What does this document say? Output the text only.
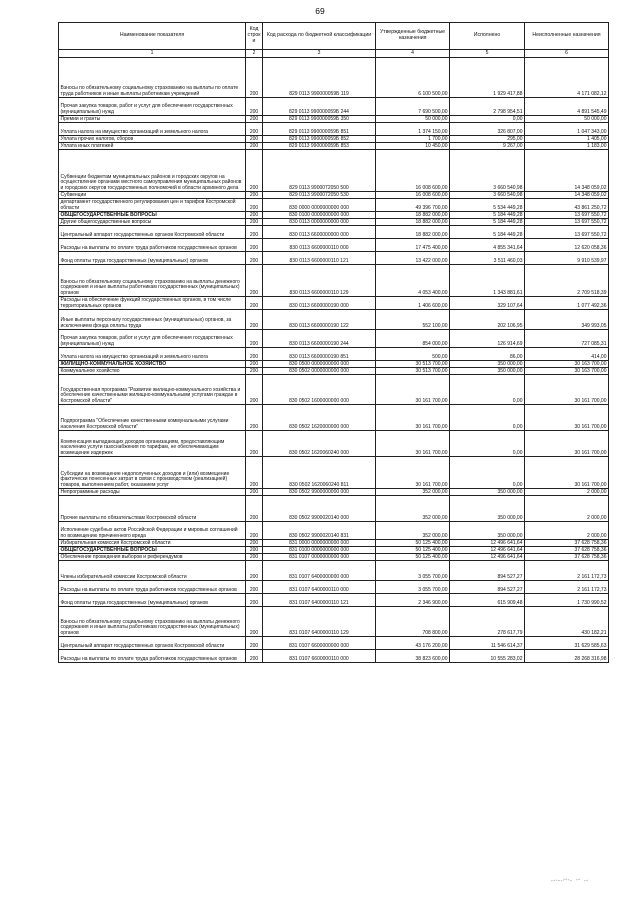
69
Наименование показателя	Код строк и	Код расхода по бюджетной классификации	Утвержденные бюджетные назначения	Исполнено	Неисполненные назначения
1	2	3	4	5	6
Взносы по обязательному социальному страхованию на выплаты по оплате труда работников и иные выплаты работникам учреждений	200	829 0113 990000059Б 119	6 100 500,00	1 929 417,88	4 171 082,12
Прочая закупка товаров, работ и услуг для обеспечения государственных (муниципальных) нужд	200	829 0113 990000059Б 244	7 690 500,00	2 798 954,51	4 891 545,49
Премии и гранты	200	829 0113 990000059Б 350	50 000,00	0,00	50 000,00
Уплата налога на имущество организаций и земельного налога	200	829 0113 990000059Б 851	1 374 150,00	326 807,00	1 047 343,00
Уплата прочих налогов, сборов	200	829 0113 990000059Б 852	1 700,00	295,00	1 405,00
Уплата иных платежей	200	829 0113 990000059Б 853	10 450,00	9 267,00	1 183,00
Субвенции бюджетам муниципальных районов и городских округов на осуществление органами местного самоуправления муниципальных районов и городских округов государственных полномочий в области архивного дела	200	829 0113 9900072050 500	16 008 600,00	3 660 540,98	14 348 059,02
Субвенции	200	829 0113 9900072050 530	16 008 600,00	3 660 540,98	14 348 059,02
департамент государственного регулирования цен и тарифов Костромской области	200	830 0000 0000000000 000	49 396 700,00	5 534 449,28	43 861 250,72
ОБЩЕГОСУДАРСТВЕННЫЕ ВОПРОСЫ	200	830 0100 0000000000 000	18 882 000,00	5 184 449,28	13 697 550,72
Другие общегосударственные вопросы	200	830 0113 0000000000 000	18 882 000,00	5 184 449,28	13 697 550,72
Центральный аппарат государственных органов Костромской области	200	830 0113 6600000000 000	18 882 000,00	5 184 449,28	13 697 550,72
Расходы на выплаты по оплате труда работников государственных органов	200	830 0113 6600000110 000	17 475 400,00	4 855 341,64	12 620 058,36
Фонд оплаты труда государственных (муниципальных) органов	200	830 0113 6600000110 121	13 422 000,00	3 511 460,03	9 910 539,97
Взносы по обязательному социальному страхованию на выплаты денежного содержания и иные выплаты работникам государственных (муниципальных) органов	200	830 0113 6600000110 129	4 053 400,00	1 343 881,61	2 709 518,39
Расходы на обеспечение функций государственных органов, в том числе территориальных органов	200	830 0113 6600000190 000	1 406 600,00	329 107,64	1 077 492,36
Иные выплаты персоналу государственных (муниципальных) органов, за исключением фонда оплаты труда	200	830 0113 6600000190 122	552 100,00	202 106,95	349 993,05
Прочая закупка товаров, работ и услуг для обеспечения государственных (муниципальных) нужд	200	830 0113 6600000190 244	854 000,00	126 914,69	727 085,31
Уплата налога на имущество организаций и земельного налога	200	830 0113 6600000190 851	500,00	86,00	414,00
ЖИЛИЩНО-КОММУНАЛЬНОЕ ХОЗЯЙСТВО	200	830 0500 0000000000 000	30 513 700,00	350 000,00	30 163 700,00
Коммунальное хозяйство	200	830 0502 0000000000 000	30 513 700,00	350 000,00	30 163 700,00
Государственная программа "Развитие жилищно-коммунального хозяйства и обеспечение качественными жилищно-коммунальными услугами граждан в Костромской области"	200	830 0502 1600000000 000	30 161 700,00	0,00	30 161 700,00
Подпрограмма "Обеспечение качественными коммунальными услугами населения Костромской области"	200	830 0502 1620000000 000	30 161 700,00	0,00	30 161 700,00
Компенсация выпадающих доходов организациям, предоставляющим населению услуги газоснабжения по тарифам, не обеспечивающим возмещение издержек	200	830 0502 1620060240 000	30 161 700,00	0,00	30 161 700,00
Субсидии на возмещение недополученных доходов и (или) возмещение фактически понесенных затрат в связи с производством (реализацией) товаров, выполнением работ, оказанием услуг	200	830 0502 1620060240 811	30 161 700,00	0,00	30 161 700,00
Непрограммные расходы	200	830 0502 9900000000 000	352 000,00	350 000,00	2 000,00
Прочие выплаты по обязательствам Костромской области	200	830 0502 9900020140 000	352 000,00	350 000,00	2 000,00
Исполнение судебных актов Российской Федерации и мировых соглашений по возмещению причиненного вреда	200	830 0502 9900020140 831	352 000,00	350 000,00	2 000,00
Избирательная комиссия Костромской области	200	831 0000 0000000000 000	50 125 400,00	12 496 641,64	37 628 758,36
ОБЩЕГОСУДАРСТВЕННЫЕ ВОПРОСЫ	200	831 0100 0000000000 000	50 125 400,00	12 496 641,64	37 628 758,36
Обеспечение проведения выборов и референдумов	200	831 0107 0000000000 000	50 125 400,00	12 496 641,64	37 628 758,36
Члены избирательной комиссии Костромской области	200	831 0107 6400000000 000	3 055 700,00	894 527,27	2 161 172,73
Расходы на выплаты по оплате труда работников государственных органов	200	831 0107 6400000110 000	3 055 700,00	894 527,27	2 161 172,73
Фонд оплаты труда государственных (муниципальных) органов	200	831 0107 6400000110 121	2 346 900,00	615 909,48	1 730 990,52
Взносы по обязательному социальному страхованию на выплаты денежного содержания и иные выплаты работникам государственных (муниципальных) органов	200	831 0107 6400000110 129	708 800,00	278 617,79	430 182,21
Центральный аппарат государственных органов Костромской области	200	831 0107 6600000000 000	43 176 200,00	11 546 614,37	31 629 585,63
Расходы на выплаты по оплате труда работников государственных органов	200	831 0107 6600000110 000	38 823 600,00	10 555 283,02	28 268 316,98
